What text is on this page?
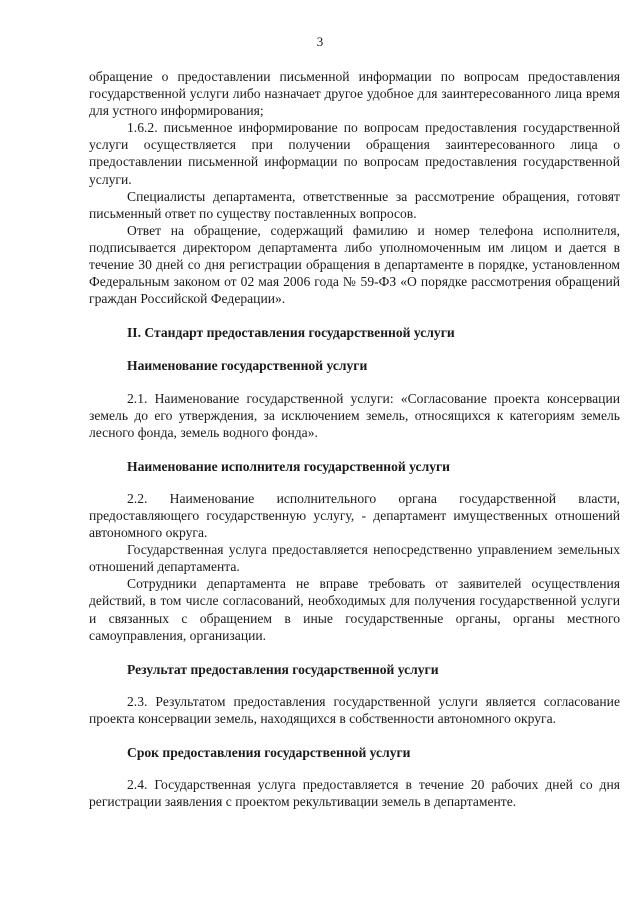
3

обращение о предоставлении письменной информации по вопросам предоставления государственной услуги либо назначает другое удобное для заинтересованного лица время для устного информирования;

1.6.2. письменное информирование по вопросам предоставления государственной услуги осуществляется при получении обращения заинтересованного лица о предоставлении письменной информации по вопросам предоставления государственной услуги.

Специалисты департамента, ответственные за рассмотрение обращения, готовят письменный ответ по существу поставленных вопросов.

Ответ на обращение, содержащий фамилию и номер телефона исполнителя, подписывается директором департамента либо уполномоченным им лицом и дается в течение 30 дней со дня регистрации обращения в департаменте в порядке, установленном Федеральным законом от 02 мая 2006 года № 59-ФЗ «О порядке рассмотрения обращений граждан Российской Федерации».

II. Стандарт предоставления государственной услуги

Наименование государственной услуги

2.1. Наименование государственной услуги: «Согласование проекта консервации земель до его утверждения, за исключением земель, относящихся к категориям земель лесного фонда, земель водного фонда».

Наименование исполнителя государственной услуги

2.2. Наименование исполнительного органа государственной власти, предоставляющего государственную услугу, - департамент имущественных отношений автономного округа.

Государственная услуга предоставляется непосредственно управлением земельных отношений департамента.

Сотрудники департамента не вправе требовать от заявителей осуществления действий, в том числе согласований, необходимых для получения государственной услуги и связанных с обращением в иные государственные органы, органы местного самоуправления, организации.

Результат предоставления государственной услуги

2.3. Результатом предоставления государственной услуги является согласование проекта консервации земель, находящихся в собственности автономного округа.

Срок предоставления государственной услуги

2.4. Государственная услуга предоставляется в течение 20 рабочих дней со дня регистрации заявления с проектом рекультивации земель в департаменте.
